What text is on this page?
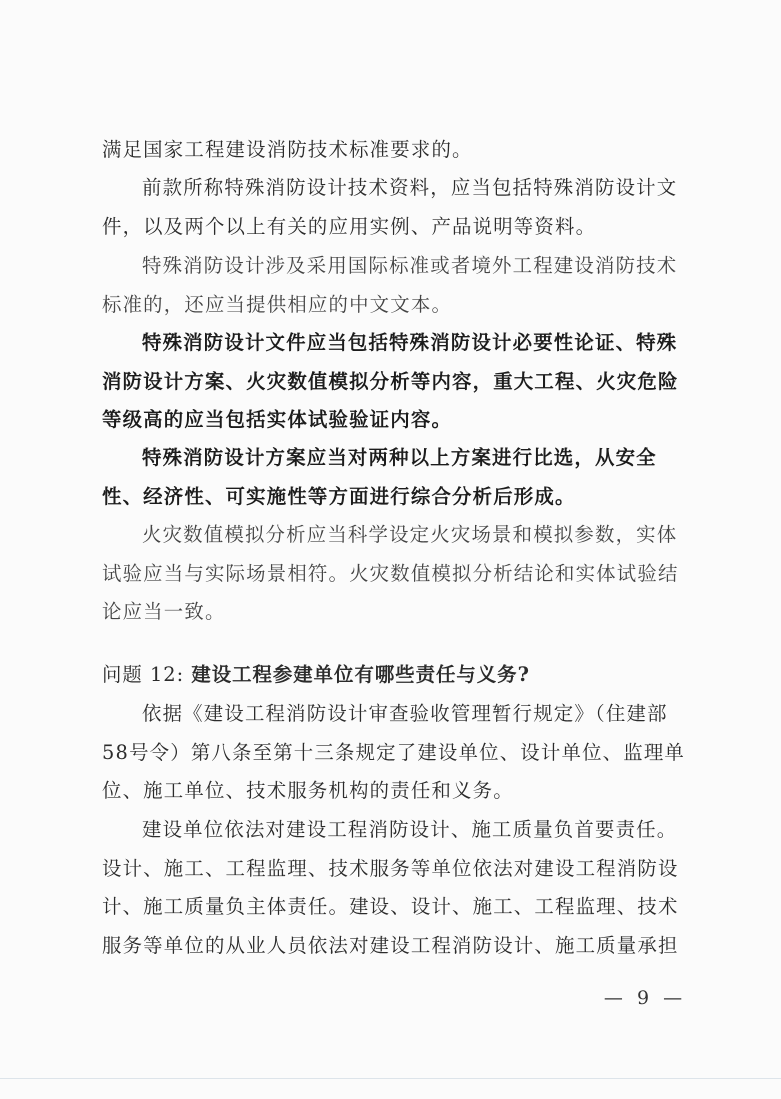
满足国家工程建设消防技术标准要求的。

前款所称特殊消防设计技术资料，应当包括特殊消防设计文件，以及两个以上有关的应用实例、产品说明等资料。

特殊消防设计涉及采用国际标准或者境外工程建设消防技术标准的，还应当提供相应的中文文本。

特殊消防设计文件应当包括特殊消防设计必要性论证、特殊消防设计方案、火灾数值模拟分析等内容，重大工程、火灾危险等级高的应当包括实体试验验证内容。

特殊消防设计方案应当对两种以上方案进行比选，从安全性、经济性、可实施性等方面进行综合分析后形成。

火灾数值模拟分析应当科学设定火灾场景和模拟参数，实体试验应当与实际场景相符。火灾数值模拟分析结论和实体试验结论应当一致。

问题 12: 建设工程参建单位有哪些责任与义务?

依据《建设工程消防设计审查验收管理暂行规定》（住建部58号令）第八条至第十三条规定了建设单位、设计单位、监理单位、施工单位、技术服务机构的责任和义务。

建设单位依法对建设工程消防设计、施工质量负首要责任。设计、施工、工程监理、技术服务等单位依法对建设工程消防设计、施工质量负主体责任。建设、设计、施工、工程监理、技术服务等单位的从业人员依法对建设工程消防设计、施工质量承担

— 9 —
